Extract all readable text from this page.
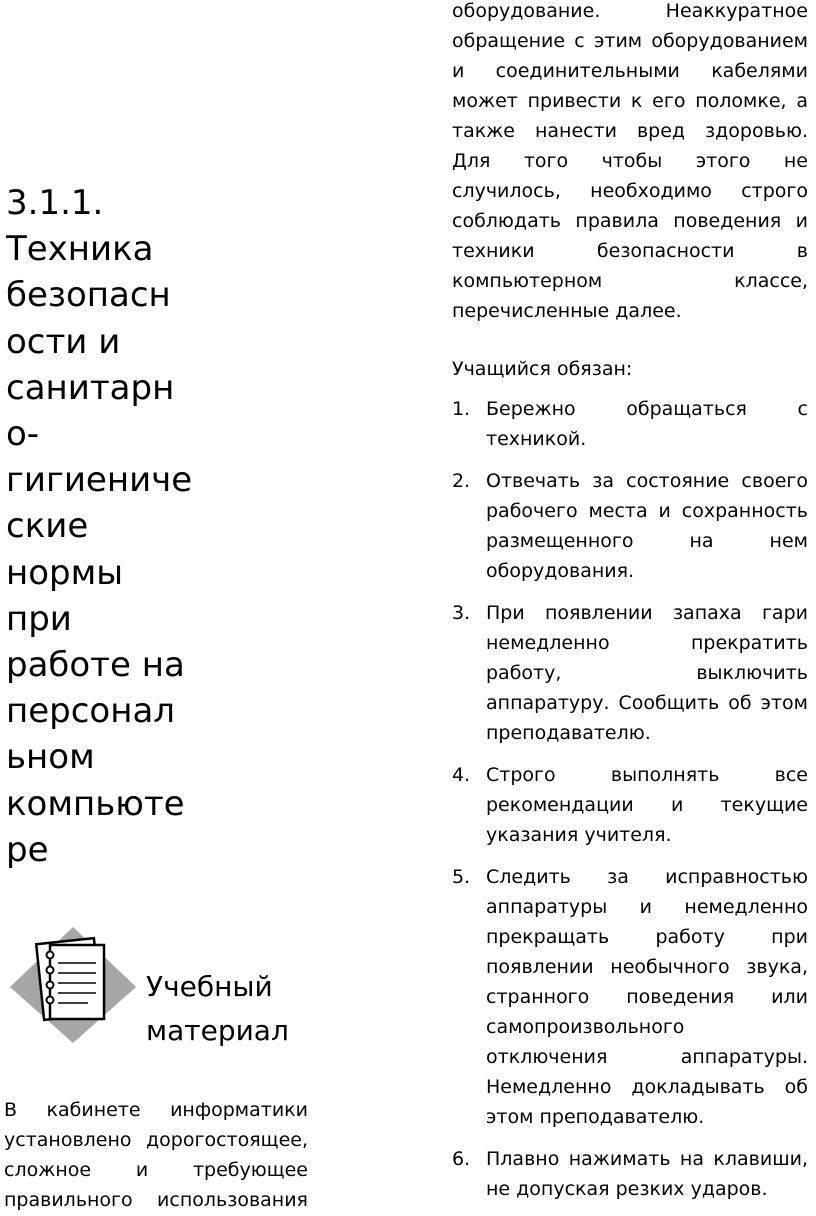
3.1.1.
Техника
безопасн
ости и
санитарн
о-
гигиениче
ские
нормы
при
работе на
персонал
ьном
компьюте
ре

Учебный
материал

В кабинете информатики установлено дорогостоящее, сложное и требующее правильного использования

оборудование. Неаккуратное обращение с этим оборудованием и соединительными кабелями может привести к его поломке, а также нанести вред здоровью. Для того чтобы этого не случилось, необходимо строго соблюдать правила поведения и техники безопасности в компьютерном классе, перечисленные далее.

Учащийся обязан:

1. Бережно обращаться с техникой.
2. Отвечать за состояние своего рабочего места и сохранность размещенного на нем оборудования.
3. При появлении запаха гари немедленно прекратить работу, выключить аппаратуру. Сообщить об этом преподавателю.
4. Строго выполнять все рекомендации и текущие указания учителя.
5. Следить за исправностью аппаратуры и немедленно прекращать работу при появлении необычного звука, странного поведения или самопроизвольного отключения аппаратуры. Немедленно докладывать об этом преподавателю.
6. Плавно нажимать на клавиши, не допуская резких ударов.
